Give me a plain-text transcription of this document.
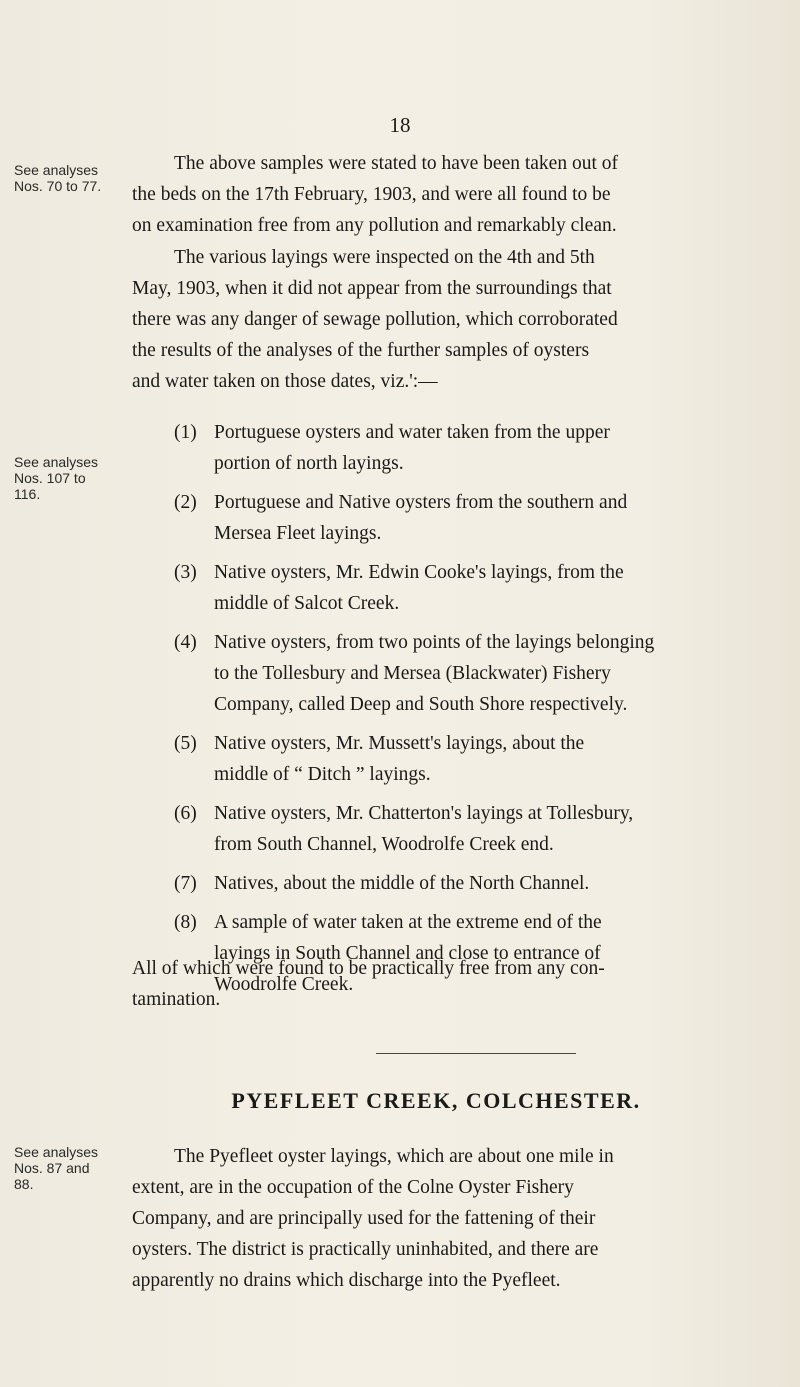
18
See analyses
Nos. 70 to 77.
See analyses
Nos. 107 to
116.
See analyses
Nos. 87 and
88.
The above samples were stated to have been taken out of
the beds on the 17th February, 1903, and were all found to be
on examination free from any pollution and remarkably clean.
The various layings were inspected on the 4th and 5th
May, 1903, when it did not appear from the surroundings that
there was any danger of sewage pollution, which corroborated
the results of the analyses of the further samples of oysters
and water taken on those dates, viz.':—
(1) Portuguese oysters and water taken from the upper
portion of north layings.
(2) Portuguese and Native oysters from the southern and
Mersea Fleet layings.
(3) Native oysters, Mr. Edwin Cooke's layings, from the
middle of Salcot Creek.
(4) Native oysters, from two points of the layings belonging
to the Tollesbury and Mersea (Blackwater) Fishery
Company, called Deep and South Shore respectively.
(5) Native oysters, Mr. Mussett's layings, about the
middle of “ Ditch ” layings.
(6) Native oysters, Mr. Chatterton's layings at Tollesbury,
from South Channel, Woodrolfe Creek end.
(7) Natives, about the middle of the North Channel.
(8) A sample of water taken at the extreme end of the
layings in South Channel and close to entrance of
Woodrolfe Creek.
All of which were found to be practically free from any con-
tamination.
PYEFLEET CREEK, COLCHESTER.
The Pyefleet oyster layings, which are about one mile in
extent, are in the occupation of the Colne Oyster Fishery
Company, and are principally used for the fattening of their
oysters. The district is practically uninhabited, and there are
apparently no drains which discharge into the Pyefleet.
